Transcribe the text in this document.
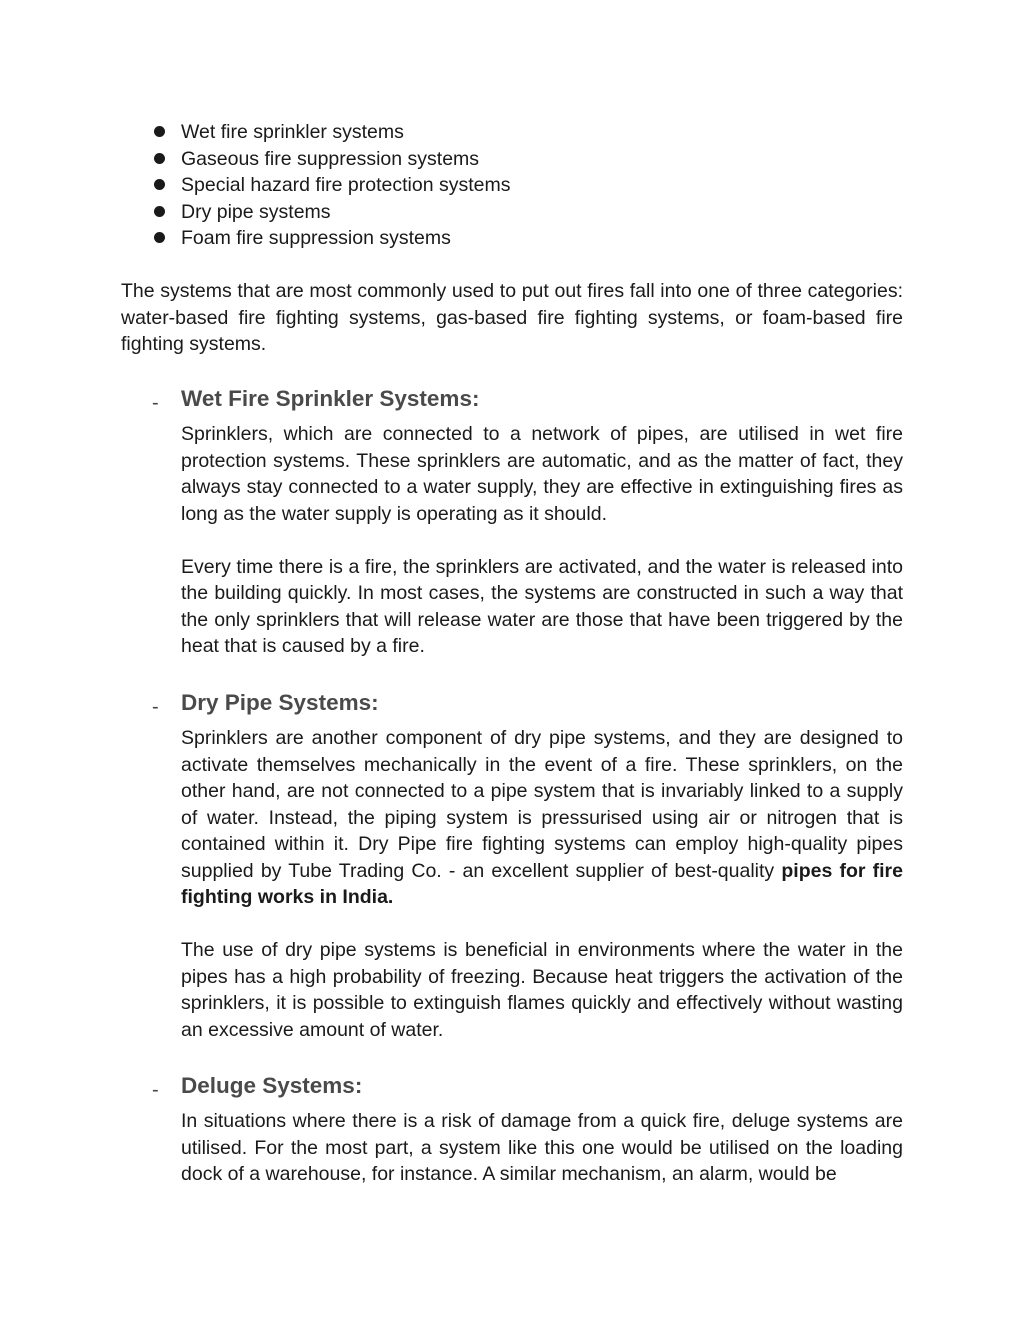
Wet fire sprinkler systems
Gaseous fire suppression systems
Special hazard fire protection systems
Dry pipe systems
Foam fire suppression systems

The systems that are most commonly used to put out fires fall into one of three categories: water-based fire fighting systems, gas-based fire fighting systems, or foam-based fire fighting systems.

- Wet Fire Sprinkler Systems:

Sprinklers, which are connected to a network of pipes, are utilised in wet fire protection systems. These sprinklers are automatic, and as the matter of fact, they always stay connected to a water supply, they are effective in extinguishing fires as long as the water supply is operating as it should.

Every time there is a fire, the sprinklers are activated, and the water is released into the building quickly. In most cases, the systems are constructed in such a way that the only sprinklers that will release water are those that have been triggered by the heat that is caused by a fire.

- Dry Pipe Systems:

Sprinklers are another component of dry pipe systems, and they are designed to activate themselves mechanically in the event of a fire. These sprinklers, on the other hand, are not connected to a pipe system that is invariably linked to a supply of water. Instead, the piping system is pressurised using air or nitrogen that is contained within it. Dry Pipe fire fighting systems can employ high-quality pipes supplied by Tube Trading Co. - an excellent supplier of best-quality pipes for fire fighting works in India.

The use of dry pipe systems is beneficial in environments where the water in the pipes has a high probability of freezing. Because heat triggers the activation of the sprinklers, it is possible to extinguish flames quickly and effectively without wasting an excessive amount of water.

- Deluge Systems:

In situations where there is a risk of damage from a quick fire, deluge systems are utilised. For the most part, a system like this one would be utilised on the loading dock of a warehouse, for instance. A similar mechanism, an alarm, would be
